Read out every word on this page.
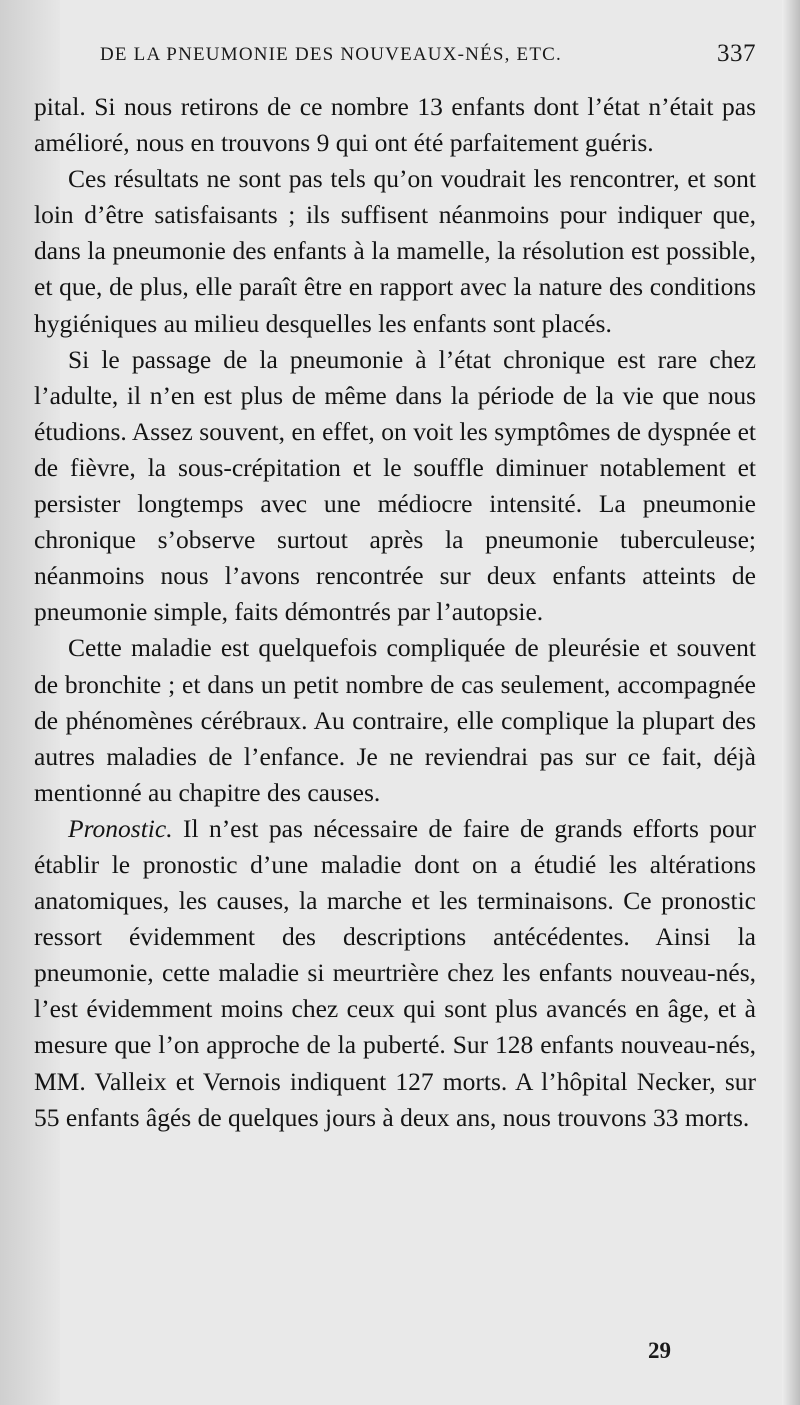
DE LA PNEUMONIE DES NOUVEAUX-NÉS, ETC.	337

pital. Si nous retirons de ce nombre 13 enfants dont l’état n’était pas amélioré, nous en trouvons 9 qui ont été parfaitement guéris.

Ces résultats ne sont pas tels qu’on voudrait les rencontrer, et sont loin d’être satisfaisants ; ils suffisent néanmoins pour indiquer que, dans la pneumonie des enfants à la mamelle, la résolution est possible, et que, de plus, elle paraît être en rapport avec la nature des conditions hygiéniques au milieu desquelles les enfants sont placés.

Si le passage de la pneumonie à l’état chronique est rare chez l’adulte, il n’en est plus de même dans la période de la vie que nous étudions. Assez souvent, en effet, on voit les symptômes de dyspnée et de fièvre, la sous-crépitation et le souffle diminuer notablement et persister longtemps avec une médiocre intensité. La pneumonie chronique s’observe surtout après la pneumonie tuberculeuse; néanmoins nous l’avons rencontrée sur deux enfants atteints de pneumonie simple, faits démontrés par l’autopsie.

Cette maladie est quelquefois compliquée de pleurésie et souvent de bronchite ; et dans un petit nombre de cas seulement, accompagnée de phénomènes cérébraux. Au contraire, elle complique la plupart des autres maladies de l’enfance. Je ne reviendrai pas sur ce fait, déjà mentionné au chapitre des causes.

Pronostic. Il n’est pas nécessaire de faire de grands efforts pour établir le pronostic d’une maladie dont on a étudié les altérations anatomiques, les causes, la marche et les terminaisons. Ce pronostic ressort évidemment des descriptions antécédentes. Ainsi la pneumonie, cette maladie si meurtrière chez les enfants nouveau-nés, l’est évidemment moins chez ceux qui sont plus avancés en âge, et à mesure que l’on approche de la puberté. Sur 128 enfants nouveau-nés, MM. Valleix et Vernois indiquent 127 morts. A l’hôpital Necker, sur 55 enfants âgés de quelques jours à deux ans, nous trouvons 33 morts.

29
